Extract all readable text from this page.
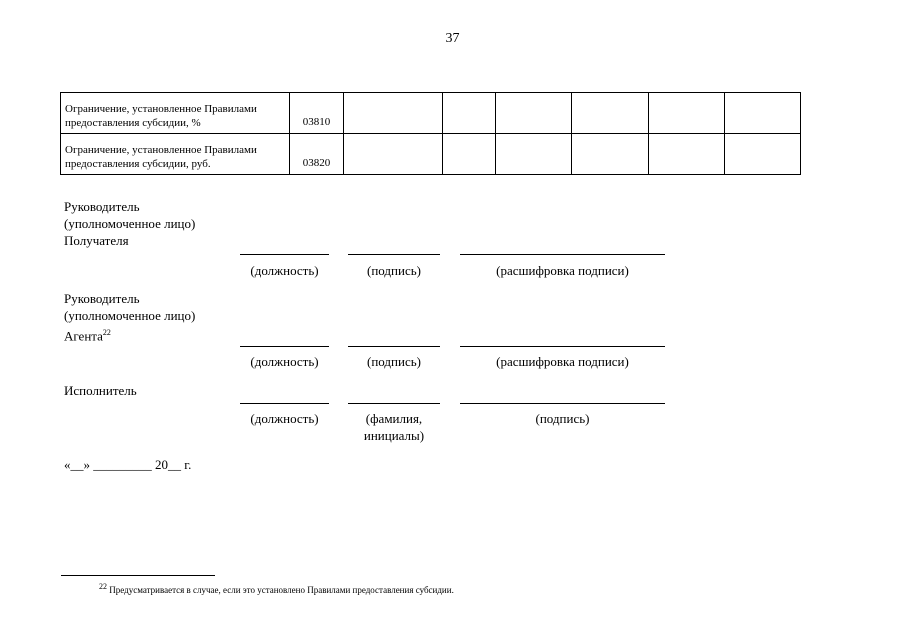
37
Ограничение, установленное Правилами предоставления субсидии, %	03810						
Ограничение, установленное Правилами предоставления субсидии, руб.	03820						
Руководитель
(уполномоченное лицо)
Получателя
(должность)	(подпись)	(расшифровка подписи)
Руководитель
(уполномоченное лицо)
Агента$^{22}$
(должность)	(подпись)	(расшифровка подписи)
Исполнитель
(должность)	(фамилия,
инициалы)
(подпись)
«__» _________ 20__ г.
$^{22}$ Предусматривается в случае, если это установлено Правилами предоставления субсидии.
